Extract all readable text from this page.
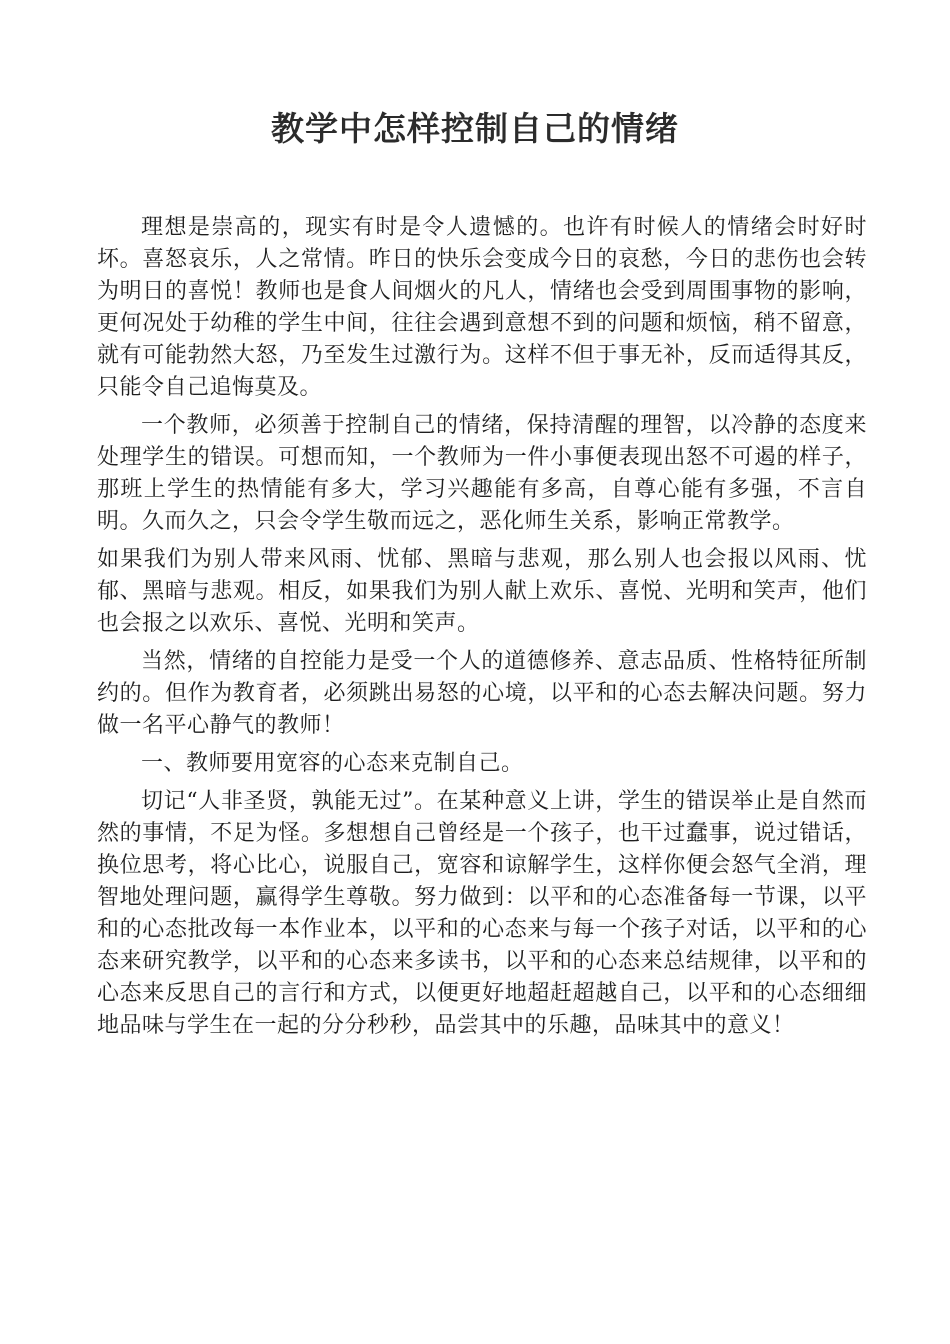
教学中怎样控制自己的情绪

理想是崇高的，现实有时是令人遗憾的。也许有时候人的情绪会时好时坏。喜怒哀乐，人之常情。昨日的快乐会变成今日的哀愁，今日的悲伤也会转为明日的喜悦！教师也是食人间烟火的凡人，情绪也会受到周围事物的影响，更何况处于幼稚的学生中间，往往会遇到意想不到的问题和烦恼，稍不留意，就有可能勃然大怒，乃至发生过激行为。这样不但于事无补，反而适得其反，只能令自己追悔莫及。

一个教师，必须善于控制自己的情绪，保持清醒的理智，以冷静的态度来处理学生的错误。可想而知，一个教师为一件小事便表现出怒不可遏的样子，那班上学生的热情能有多大，学习兴趣能有多高，自尊心能有多强，不言自明。久而久之，只会令学生敬而远之，恶化师生关系，影响正常教学。

如果我们为别人带来风雨、忧郁、黑暗与悲观，那么别人也会报以风雨、忧郁、黑暗与悲观。相反，如果我们为别人献上欢乐、喜悦、光明和笑声，他们也会报之以欢乐、喜悦、光明和笑声。

当然，情绪的自控能力是受一个人的道德修养、意志品质、性格特征所制约的。但作为教育者，必须跳出易怒的心境，以平和的心态去解决问题。努力做一名平心静气的教师！

一、教师要用宽容的心态来克制自己。

切记“人非圣贤，孰能无过”。在某种意义上讲，学生的错误举止是自然而然的事情，不足为怪。多想想自己曾经是一个孩子，也干过蠢事，说过错话，换位思考，将心比心，说服自己，宽容和谅解学生，这样你便会怒气全消，理智地处理问题，赢得学生尊敬。努力做到：以平和的心态准备每一节课，以平和的心态批改每一本作业本，以平和的心态来与每一个孩子对话，以平和的心态来研究教学，以平和的心态来多读书，以平和的心态来总结规律，以平和的心态来反思自己的言行和方式，以便更好地超赶超越自己，以平和的心态细细地品味与学生在一起的分分秒秒，品尝其中的乐趣，品味其中的意义！
